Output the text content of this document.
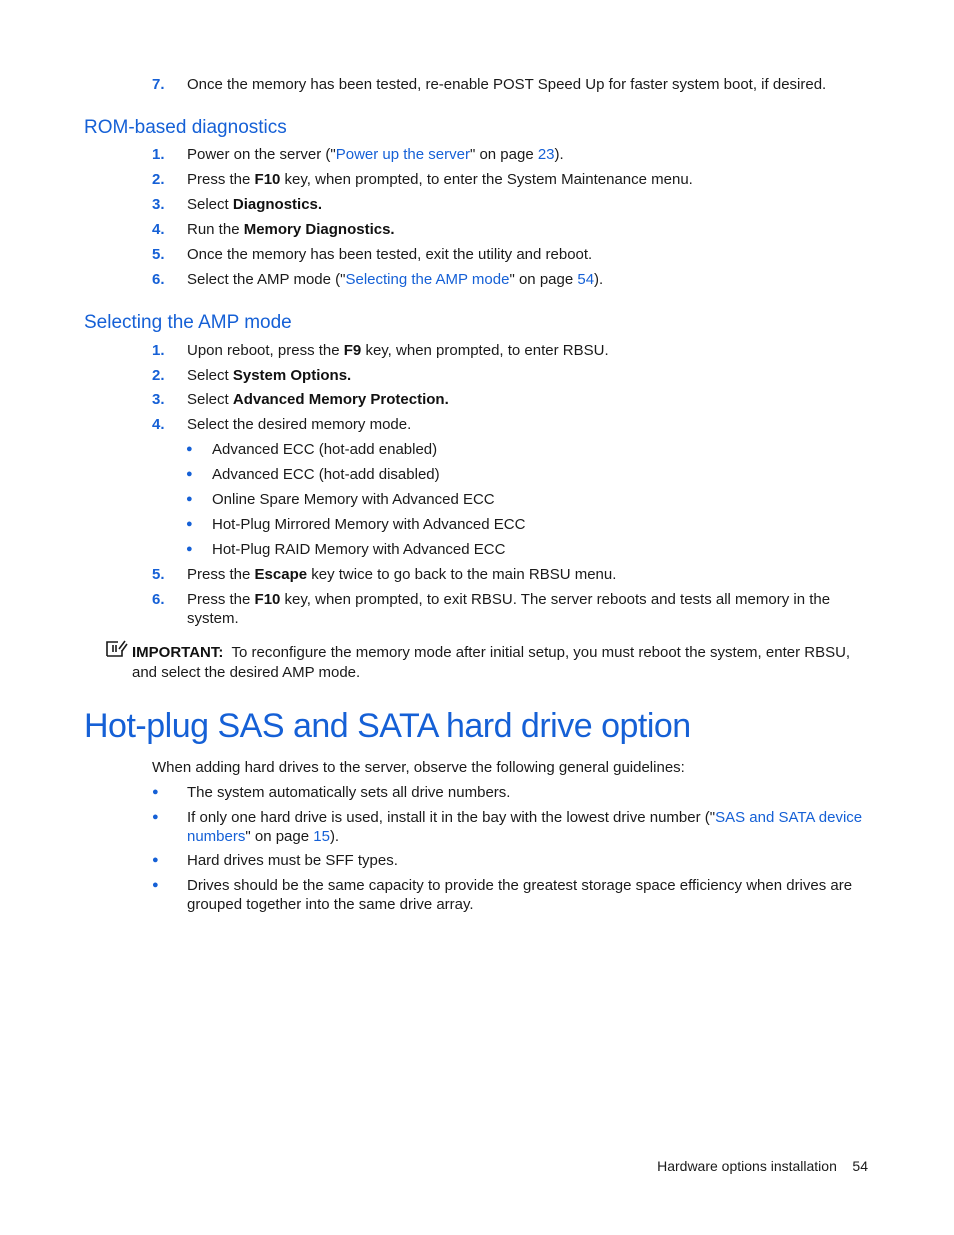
7.	Once the memory has been tested, re-enable POST Speed Up for faster system boot, if desired.
ROM-based diagnostics
1.	Power on the server ("Power up the server" on page 23).
2.	Press the F10 key, when prompted, to enter the System Maintenance menu.
3.	Select Diagnostics.
4.	Run the Memory Diagnostics.
5.	Once the memory has been tested, exit the utility and reboot.
6.	Select the AMP mode ("Selecting the AMP mode" on page 54).
Selecting the AMP mode
1.	Upon reboot, press the F9 key, when prompted, to enter RBSU.
2.	Select System Options.
3.	Select Advanced Memory Protection.
4.	Select the desired memory mode.
● Advanced ECC (hot-add enabled)
● Advanced ECC (hot-add disabled)
● Online Spare Memory with Advanced ECC
● Hot-Plug Mirrored Memory with Advanced ECC
● Hot-Plug RAID Memory with Advanced ECC
5.	Press the Escape key twice to go back to the main RBSU menu.
6.	Press the F10 key, when prompted, to exit RBSU. The server reboots and tests all memory in the system.
IMPORTANT: To reconfigure the memory mode after initial setup, you must reboot the system, enter RBSU, and select the desired AMP mode.
Hot-plug SAS and SATA hard drive option
When adding hard drives to the server, observe the following general guidelines:
● The system automatically sets all drive numbers.
● If only one hard drive is used, install it in the bay with the lowest drive number ("SAS and SATA device numbers" on page 15).
● Hard drives must be SFF types.
● Drives should be the same capacity to provide the greatest storage space efficiency when drives are grouped together into the same drive array.
Hardware options installation 54
